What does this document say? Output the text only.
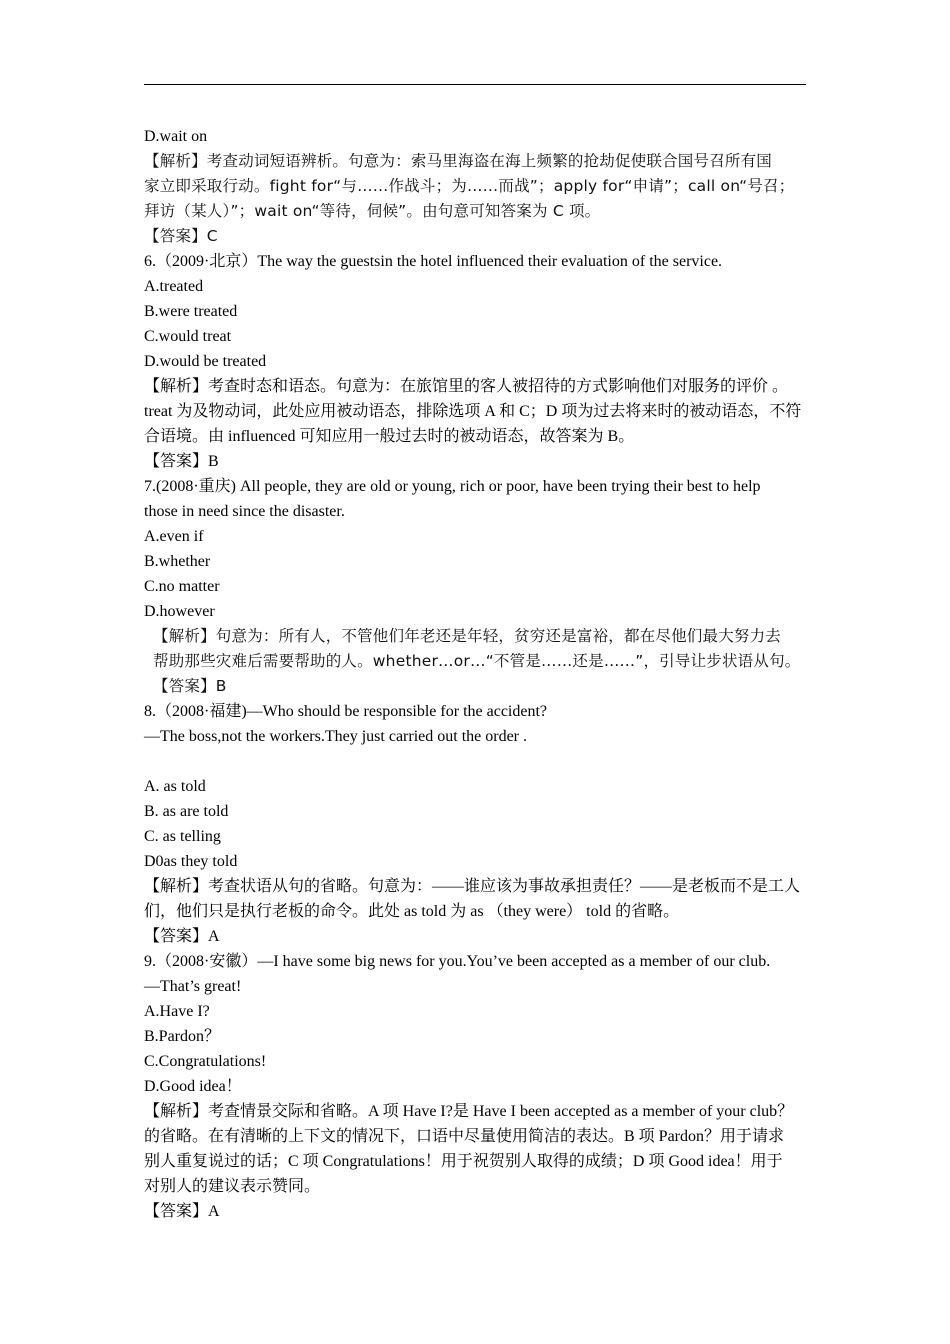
D.wait on
【解析】考查动词短语辨析。句意为：索马里海盗在海上频繁的抢劫促使联合国号召所有国
家立即采取行动。fight for“与……作战斗；为……而战”；apply for“申请”；call on“号召；
拜访（某人）”；wait on“等待，伺候”。由句意可知答案为 C 项。
【答案】C
6.（2009·北京）The way the guestsin the hotel influenced their evaluation of the service.
A.treated
B.were treated
C.would treat
D.would be treated
【解析】考查时态和语态。句意为：在旅馆里的客人被招待的方式影响他们对服务的评价 。
treat 为及物动词，此处应用被动语态，排除选项 A 和 C；D 项为过去将来时的被动语态，不符
合语境。由 influenced 可知应用一般过去时的被动语态，故答案为 B。
【答案】B
7.(2008·重庆) All people, they are old or young, rich or poor, have been trying their best to help
those in need since the disaster.
A.even if
B.whether
C.no matter
D.however
【解析】句意为：所有人，不管他们年老还是年轻，贫穷还是富裕，都在尽他们最大努力去
帮助那些灾难后需要帮助的人。whether…or…“不管是……还是……”，引导让步状语从句。
【答案】B
8.（2008·福建)—Who should be responsible for the accident?
—The boss,not the workers.They just carried out the order .
A. as told
B. as are told
C. as telling
D0as they told
【解析】考查状语从句的省略。句意为：——谁应该为事故承担责任？——是老板而不是工人
们，他们只是执行老板的命令。此处 as told 为 as （they were） told 的省略。
【答案】A
9.（2008·安徽）—I have some big news for you.You’ve been accepted as a member of our club.
—That’s great!
A.Have I?
B.Pardon？
C.Congratulations!
D.Good idea！
【解析】考查情景交际和省略。A 项 Have I?是 Have I been accepted as a member of your club？
的省略。在有清晰的上下文的情况下，口语中尽量使用简洁的表达。B 项 Pardon？用于请求
别人重复说过的话；C 项 Congratulations！用于祝贺别人取得的成绩；D 项 Good idea！用于
对别人的建议表示赞同。
【答案】A
